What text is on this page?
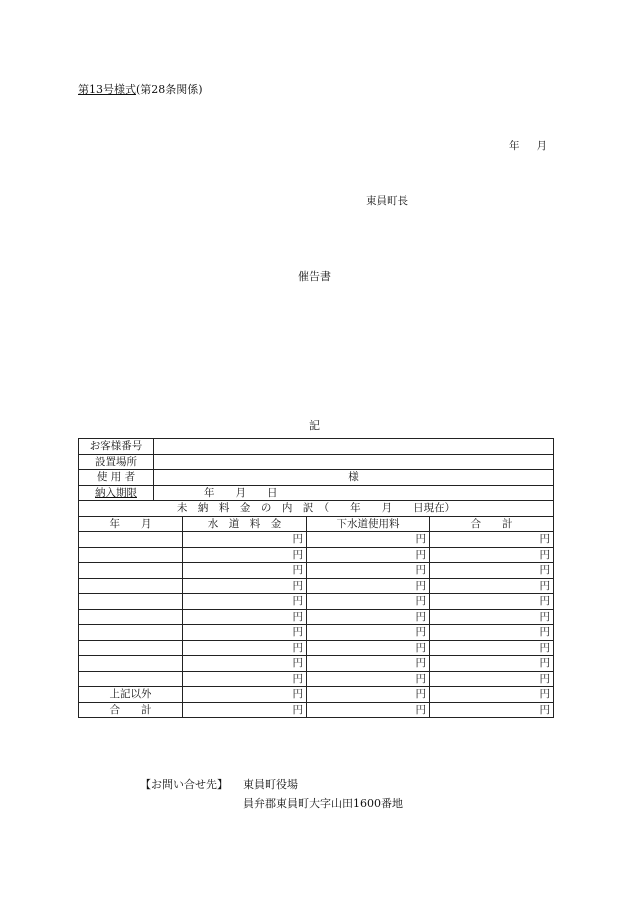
第13号様式(第28条関係)
年 月
東員町長
催告書
記
お客様番号				
設置場所				
使 用 者	様			
納入期限	年　　月　　日			
未　納　料　金　の　内　訳　（　　年　　月　　日現在）				
年　　月		水　道　料　金	下水道使用料	合　　計
		円	円	円
		円	円	円
		円	円	円
		円	円	円
		円	円	円
		円	円	円
		円	円	円
		円	円	円
		円	円	円
		円	円	円
上記以外		円	円	円
合　　計		円	円	円
【お問い合せ先】 東員町役場
員弁郡東員町大字山田1600番地
